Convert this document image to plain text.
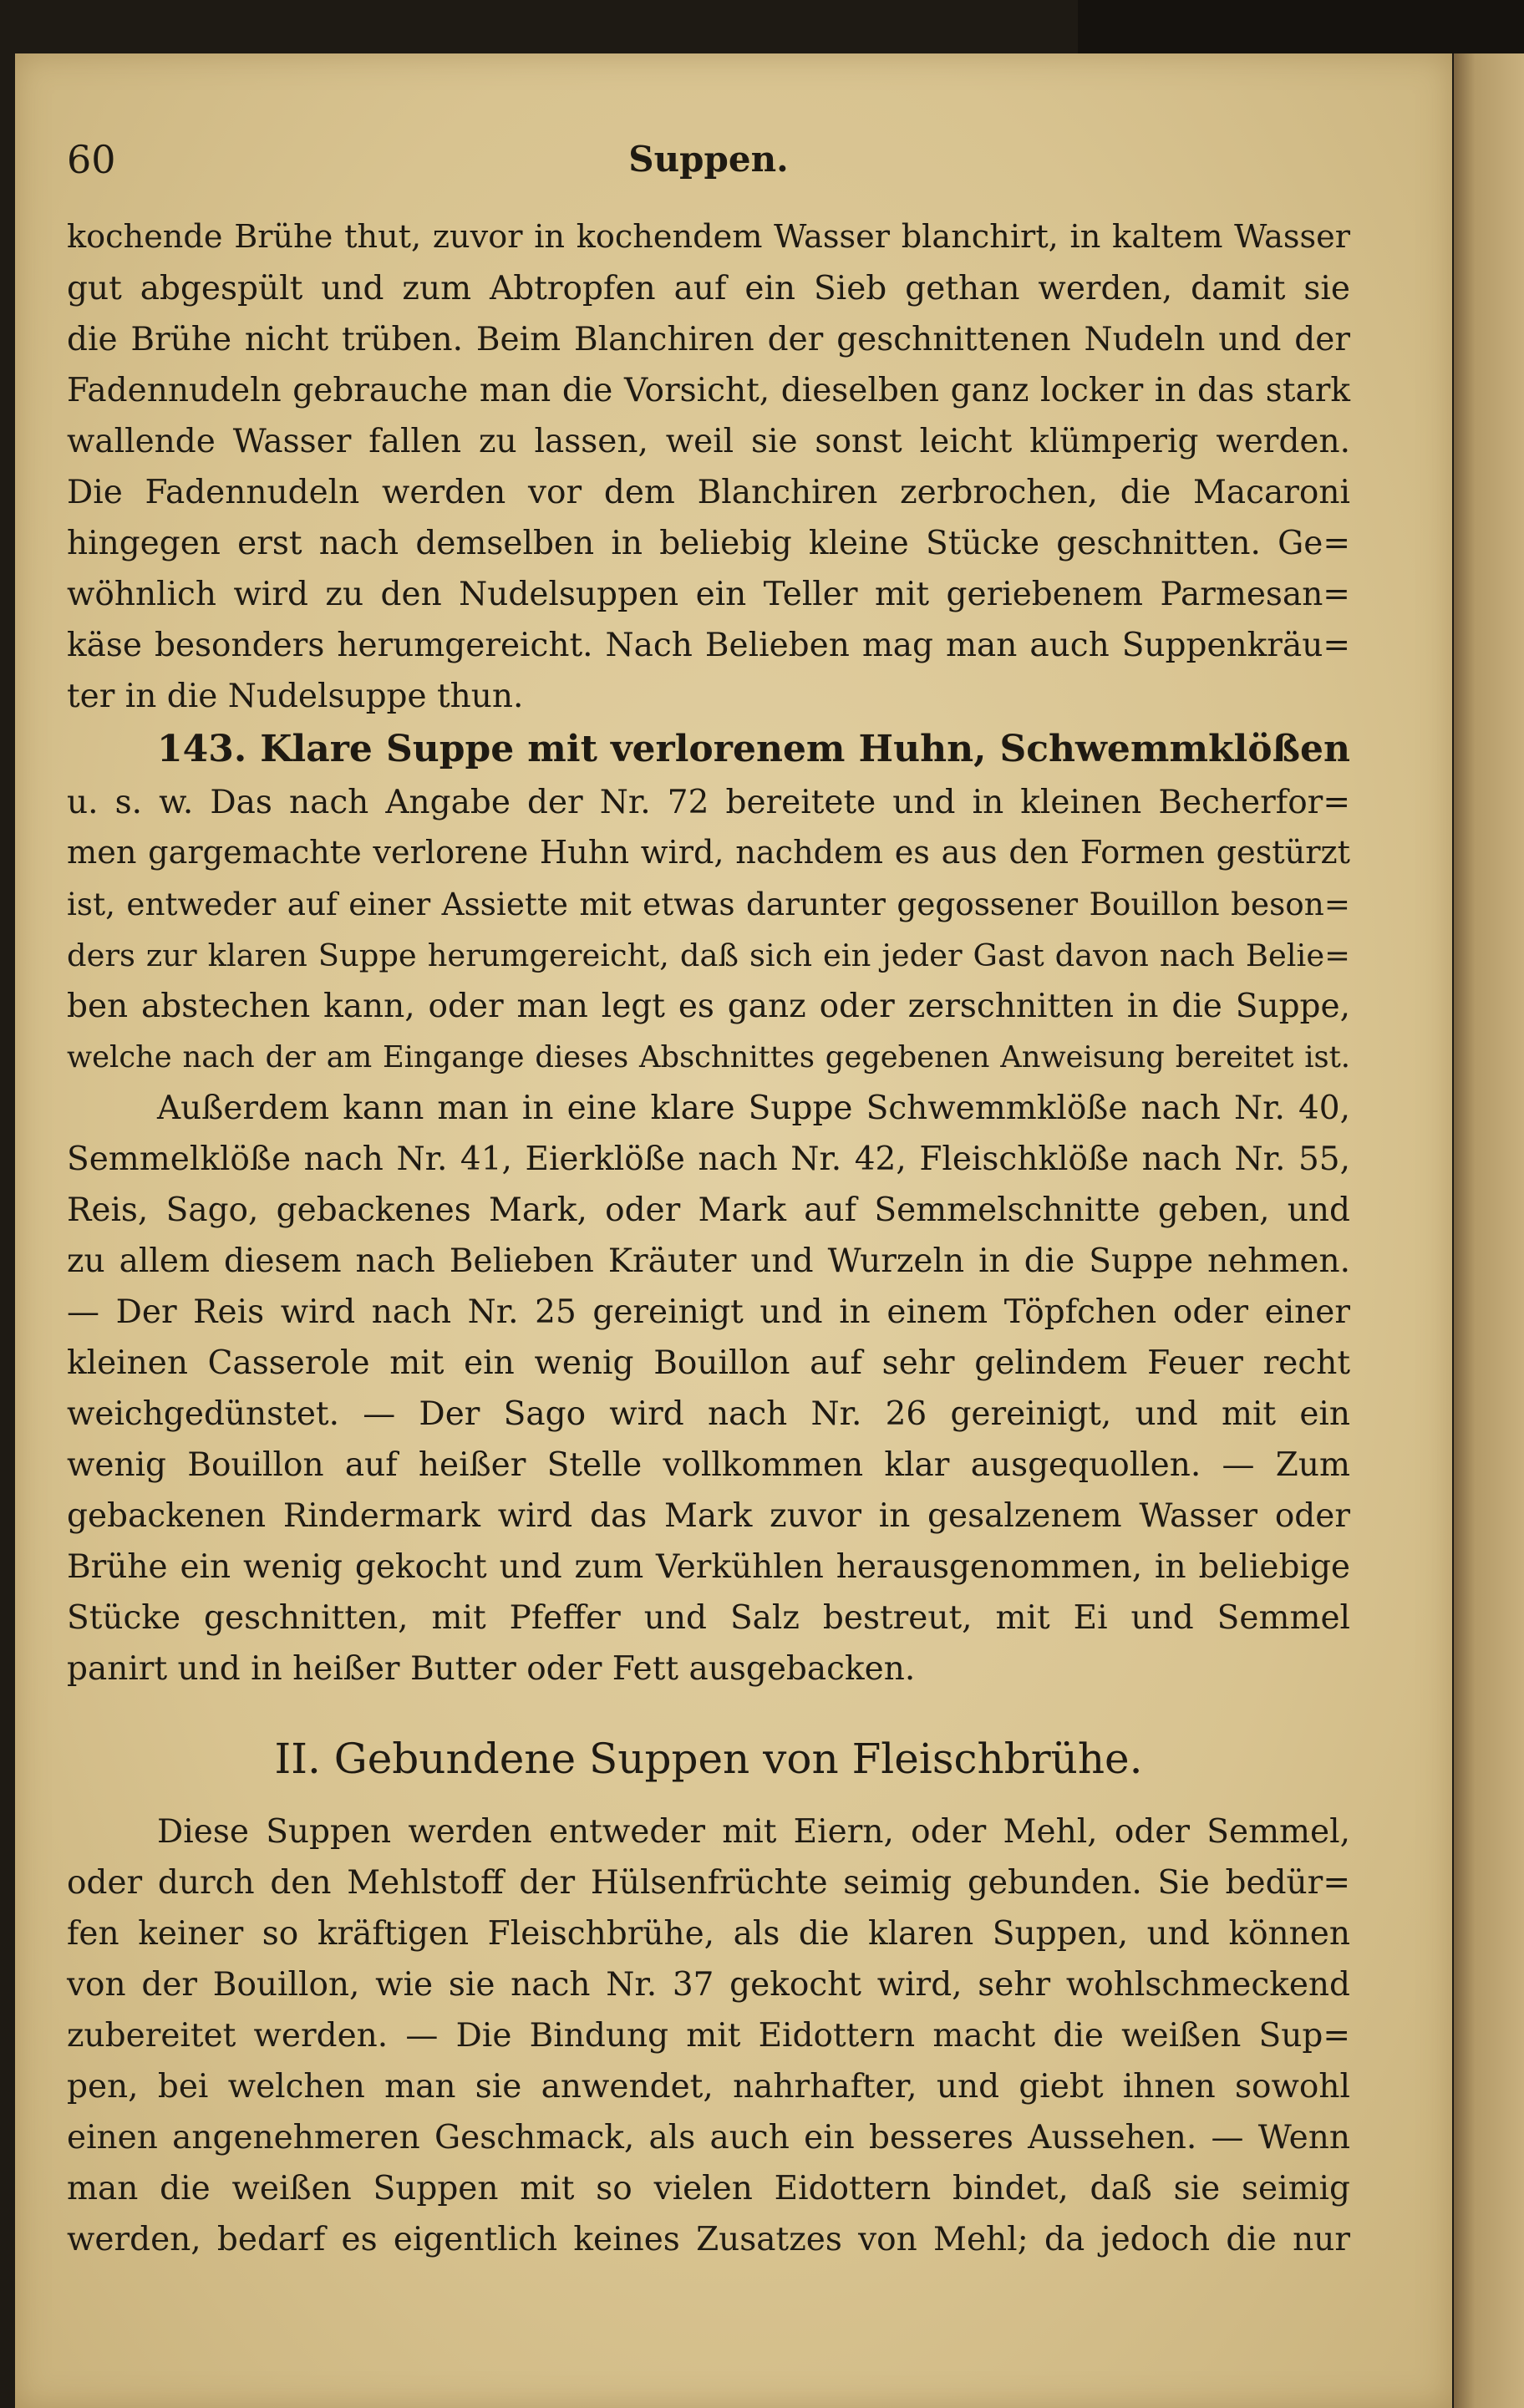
60	Suppen.
kochende Brühe thut, zuvor in kochendem Wasser blanchirt, in kaltem Wasser
gut abgespült und zum Abtropfen auf ein Sieb gethan werden, damit sie
die Brühe nicht trüben. Beim Blanchiren der geschnittenen Nudeln und der
Fadennudeln gebrauche man die Vorsicht, dieselben ganz locker in das stark
wallende Wasser fallen zu lassen, weil sie sonst leicht klümperig werden.
Die Fadennudeln werden vor dem Blanchiren zerbrochen, die Macaroni
hingegen erst nach demselben in beliebig kleine Stücke geschnitten. Ge=
wöhnlich wird zu den Nudelsuppen ein Teller mit geriebenem Parmesan=
käse besonders herumgereicht. Nach Belieben mag man auch Suppenkräu=
ter in die Nudelsuppe thun.
143. Klare Suppe mit verlorenem Huhn, Schwemmklößen
u. s. w. Das nach Angabe der Nr. 72 bereitete und in kleinen Becherfor=
men gargemachte verlorene Huhn wird, nachdem es aus den Formen gestürzt
ist, entweder auf einer Assiette mit etwas darunter gegossener Bouillon beson=
ders zur klaren Suppe herumgereicht, daß sich ein jeder Gast davon nach Belie=
ben abstechen kann, oder man legt es ganz oder zerschnitten in die Suppe,
welche nach der am Eingange dieses Abschnittes gegebenen Anweisung bereitet ist.
Außerdem kann man in eine klare Suppe Schwemmklöße nach Nr. 40,
Semmelklöße nach Nr. 41, Eierklöße nach Nr. 42, Fleischklöße nach Nr. 55,
Reis, Sago, gebackenes Mark, oder Mark auf Semmelschnitte geben, und
zu allem diesem nach Belieben Kräuter und Wurzeln in die Suppe nehmen.
— Der Reis wird nach Nr. 25 gereinigt und in einem Töpfchen oder einer
kleinen Casserole mit ein wenig Bouillon auf sehr gelindem Feuer recht
weichgedünstet. — Der Sago wird nach Nr. 26 gereinigt, und mit ein
wenig Bouillon auf heißer Stelle vollkommen klar ausgequollen. — Zum
gebackenen Rindermark wird das Mark zuvor in gesalzenem Wasser oder
Brühe ein wenig gekocht und zum Verkühlen herausgenommen, in beliebige
Stücke geschnitten, mit Pfeffer und Salz bestreut, mit Ei und Semmel
panirt und in heißer Butter oder Fett ausgebacken.
II. Gebundene Suppen von Fleischbrühe.
Diese Suppen werden entweder mit Eiern, oder Mehl, oder Semmel,
oder durch den Mehlstoff der Hülsenfrüchte seimig gebunden. Sie bedür=
fen keiner so kräftigen Fleischbrühe, als die klaren Suppen, und können
von der Bouillon, wie sie nach Nr. 37 gekocht wird, sehr wohlschmeckend
zubereitet werden. — Die Bindung mit Eidottern macht die weißen Sup=
pen, bei welchen man sie anwendet, nahrhafter, und giebt ihnen sowohl
einen angenehmeren Geschmack, als auch ein besseres Aussehen. — Wenn
man die weißen Suppen mit so vielen Eidottern bindet, daß sie seimig
werden, bedarf es eigentlich keines Zusatzes von Mehl; da jedoch die nur
